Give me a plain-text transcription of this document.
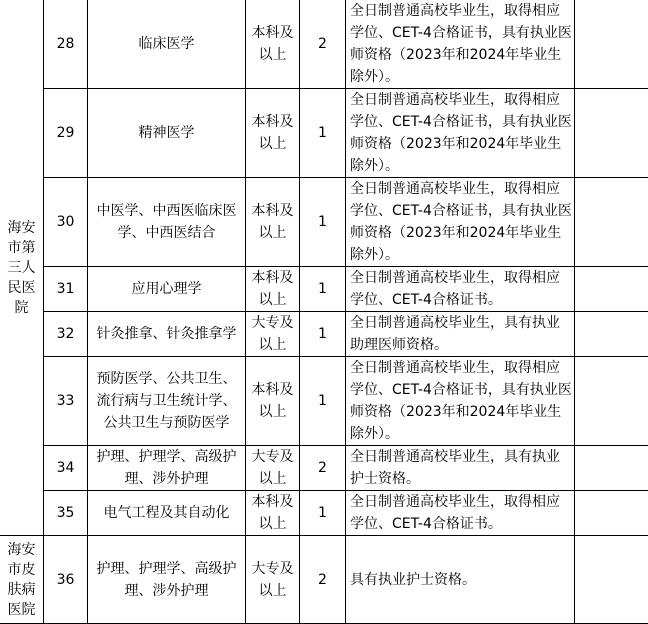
海安市第三人民医院	28	临床医学	本科及以上	2	全日制普通高校毕业生，取得相应学位、CET-4合格证书，具有执业医师资格（2023年和2024年毕业生除外）。	
	29	精神医学	本科及以上	1	全日制普通高校毕业生，取得相应学位、CET-4合格证书，具有执业医师资格（2023年和2024年毕业生除外）。	
	30	中医学、中西医临床医学、中西医结合	本科及以上	1	全日制普通高校毕业生，取得相应学位、CET-4合格证书，具有执业医师资格（2023年和2024年毕业生除外）。	
	31	应用心理学	本科及以上	1	全日制普通高校毕业生，取得相应学位、CET-4合格证书。	
	32	针灸推拿、针灸推拿学	大专及以上	1	全日制普通高校毕业生，具有执业助理医师资格。	
	33	预防医学、公共卫生、流行病与卫生统计学、公共卫生与预防医学	本科及以上	1	全日制普通高校毕业生，取得相应学位、CET-4合格证书，具有执业医师资格（2023年和2024年毕业生除外）。	
	34	护理、护理学、高级护理、涉外护理	大专及以上	2	全日制普通高校毕业生，具有执业护士资格。	
	35	电气工程及其自动化	本科及以上	1	全日制普通高校毕业生，取得相应学位、CET-4合格证书。	
海安市皮肤病医院	36	护理、护理学、高级护理、涉外护理	大专及以上	2	具有执业护士资格。	
